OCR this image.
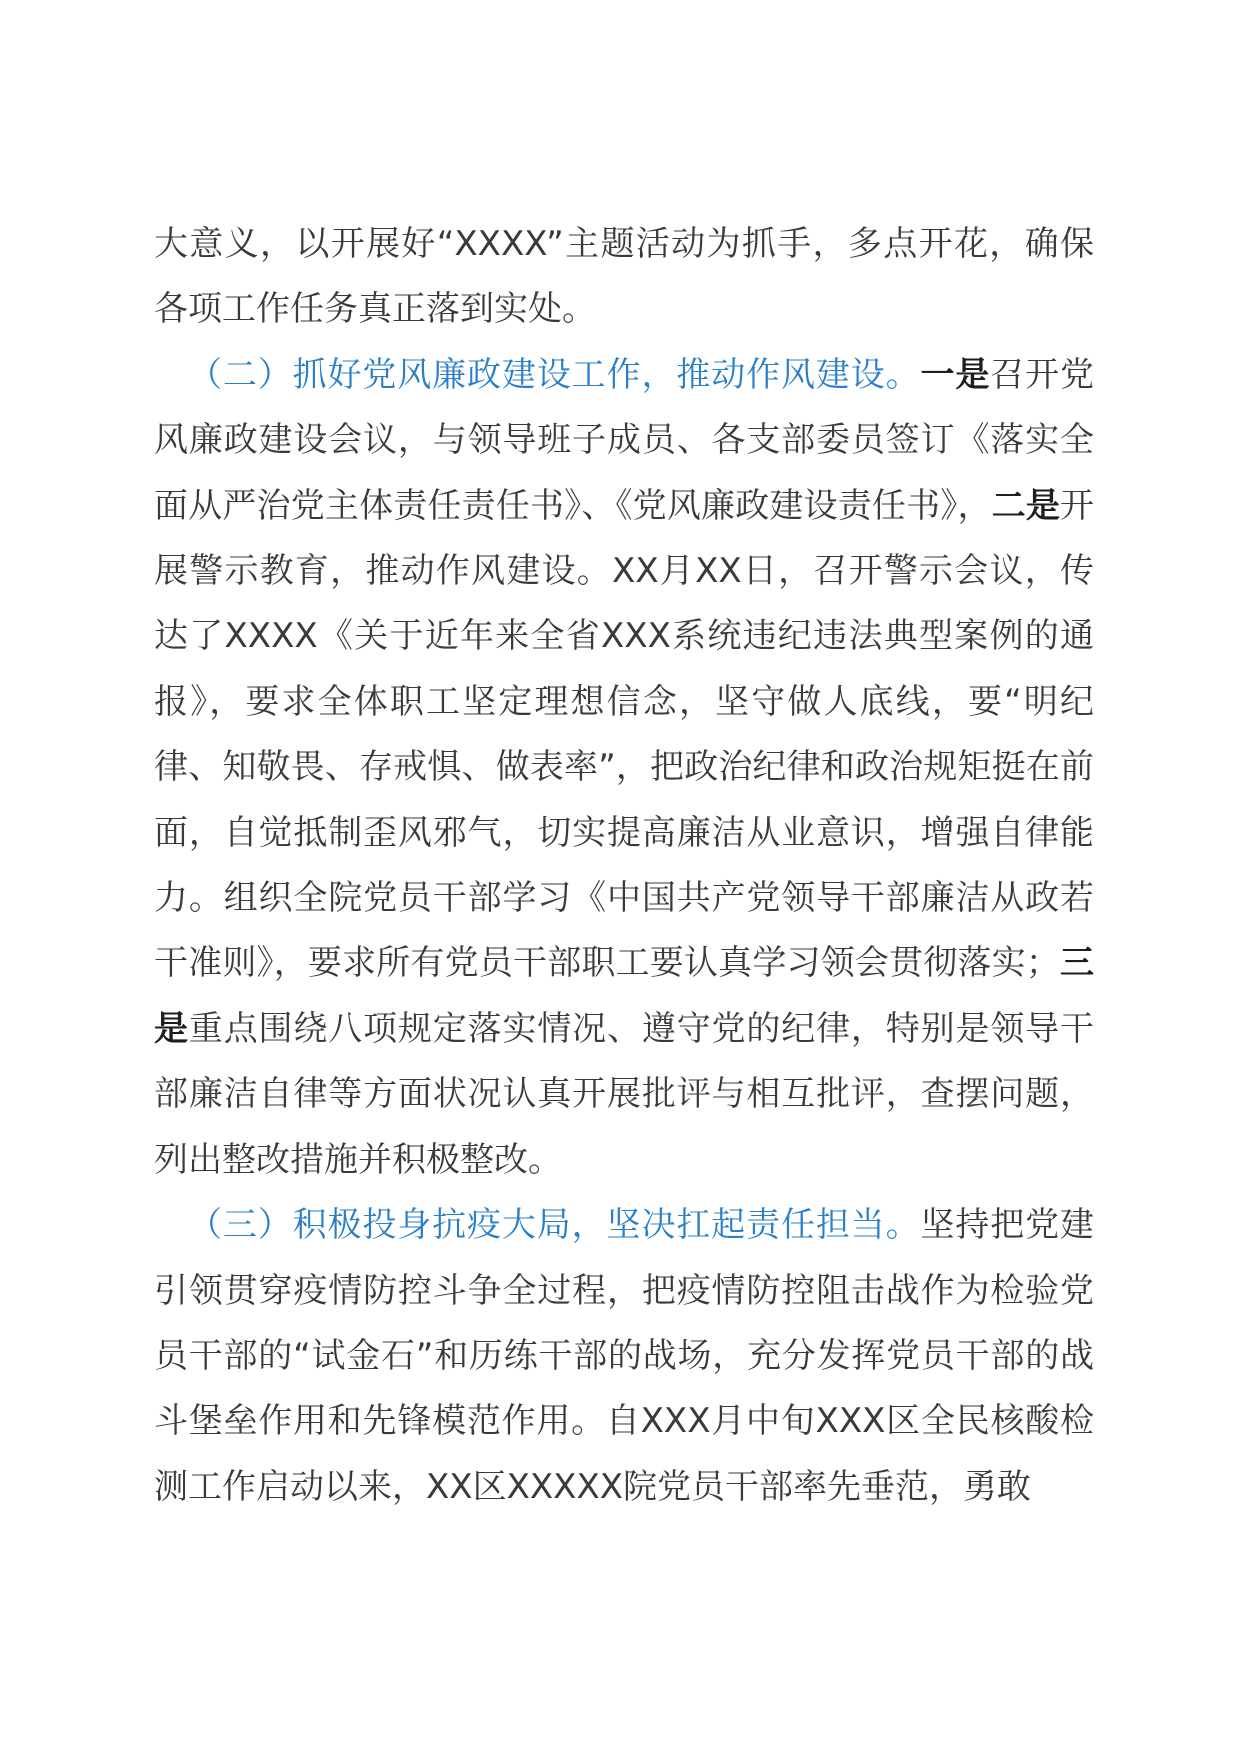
大意义，以开展好“XXXX”主题活动为抓手，多点开花，确保各项工作任务真正落到实处。

（二）抓好党风廉政建设工作，推动作风建设。一是召开党风廉政建设会议，与领导班子成员、各支部委员签订《落实全面从严治党主体责任责任书》、《党风廉政建设责任书》，二是开展警示教育，推动作风建设。XX月XX日，召开警示会议，传达了XXXX《关于近年来全省XXX系统违纪违法典型案例的通报》，要求全体职工坚定理想信念，坚守做人底线，要“明纪律、知敬畏、存戒惧、做表率”，把政治纪律和政治规矩挺在前面，自觉抵制歪风邪气，切实提高廉洁从业意识，增强自律能力。组织全院党员干部学习《中国共产党领导干部廉洁从政若干准则》，要求所有党员干部职工要认真学习领会贯彻落实；三是重点围绕八项规定落实情况、遵守党的纪律，特别是领导干部廉洁自律等方面状况认真开展批评与相互批评，查摆问题，列出整改措施并积极整改。

（三）积极投身抗疫大局，坚决扛起责任担当。坚持把党建引领贯穿疫情防控斗争全过程，把疫情防控阻击战作为检验党员干部的“试金石”和历练干部的战场，充分发挥党员干部的战斗堡垒作用和先锋模范作用。自XXX月中旬XXX区全民核酸检测工作启动以来，XX区XXXXX院党员干部率先垂范，勇敢
